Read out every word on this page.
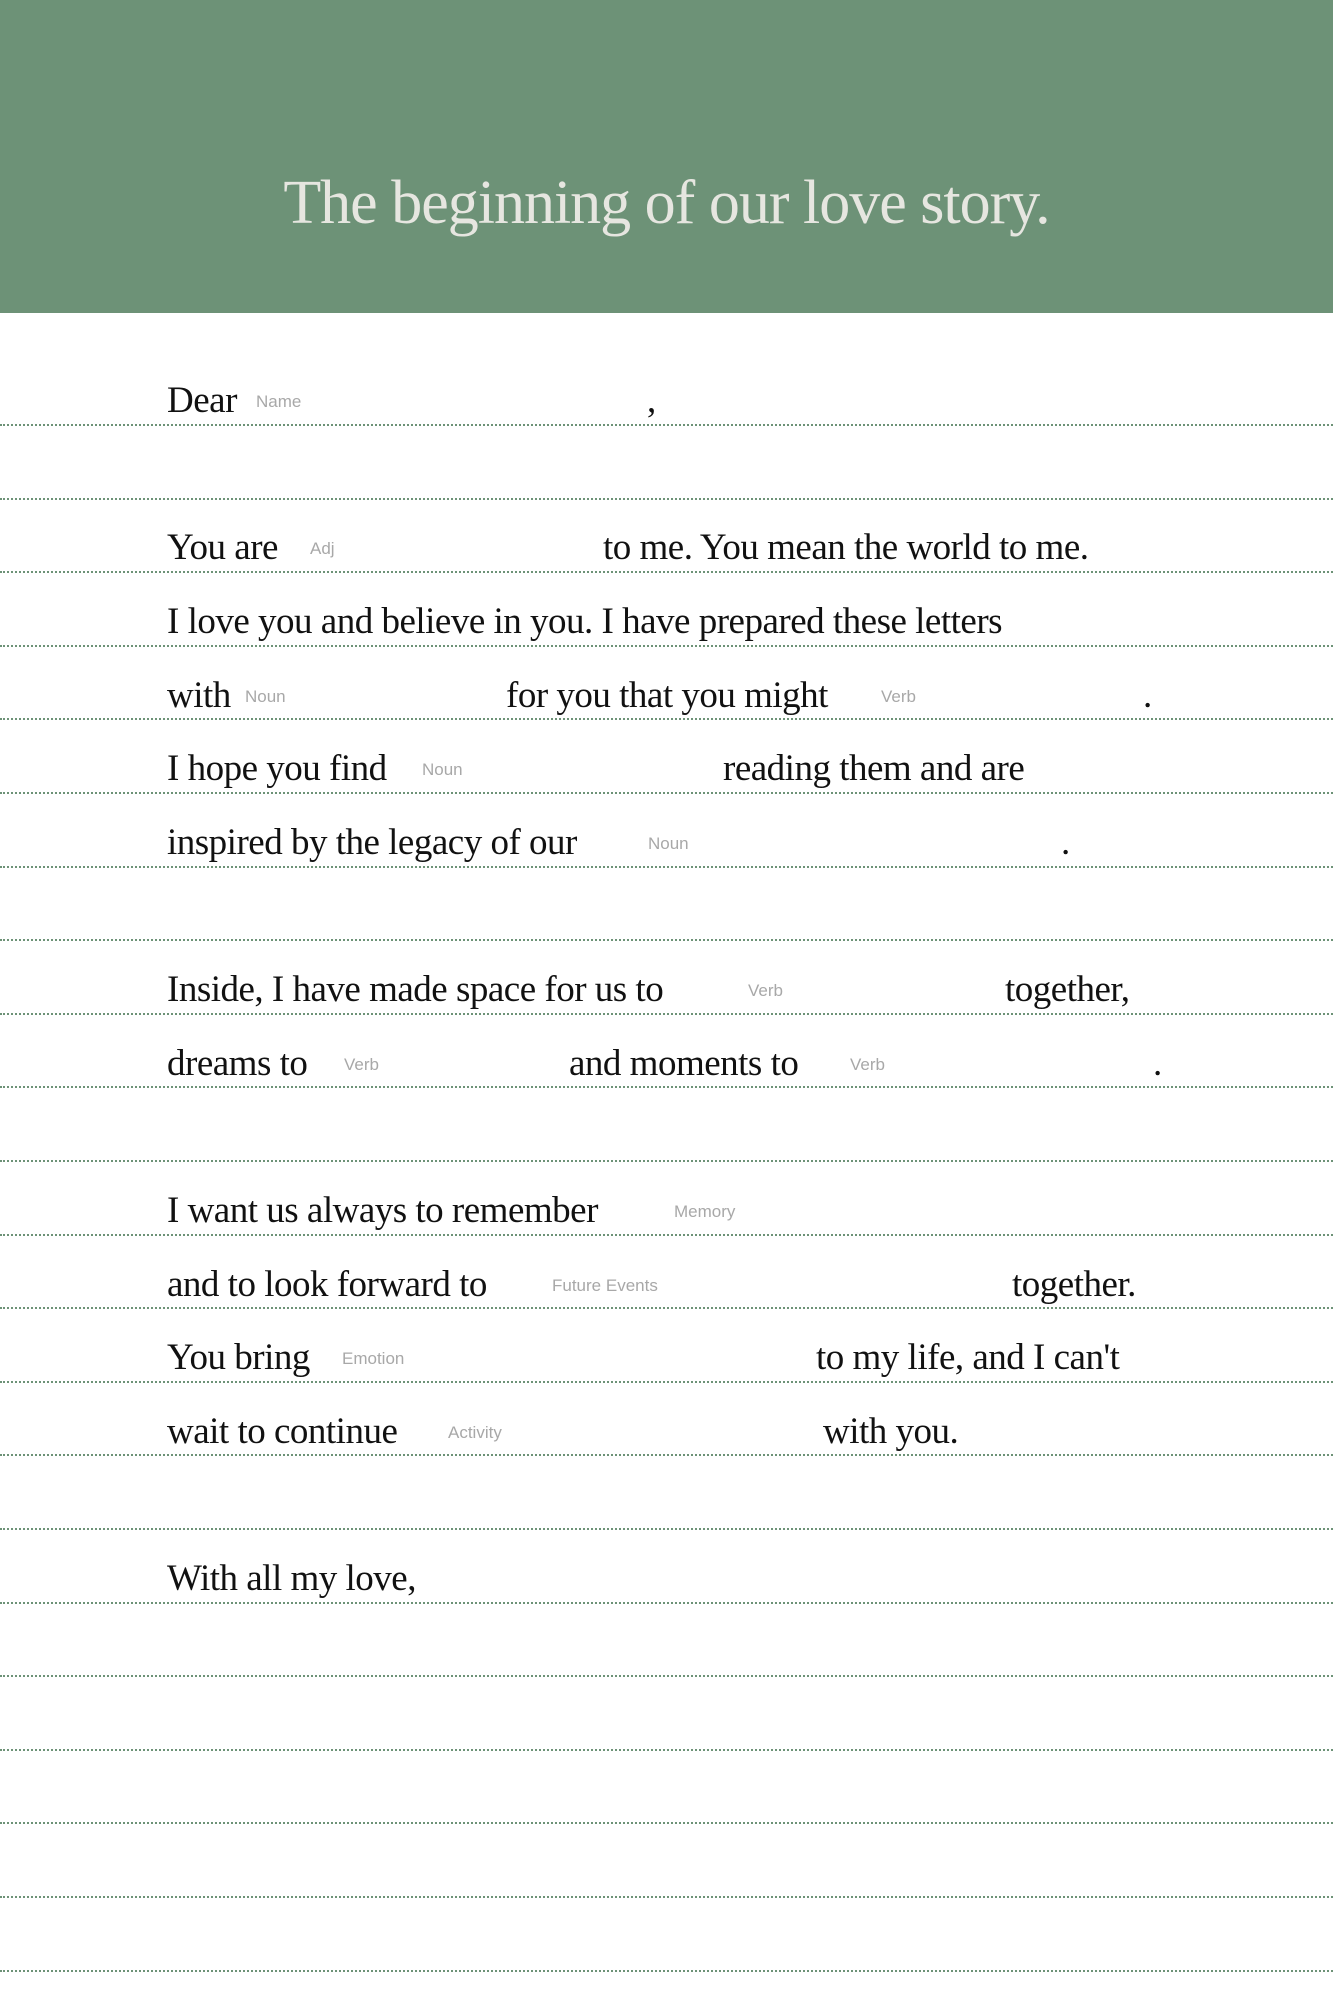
The beginning of our love story.
Dear Name	,
You are Adj	to me. You mean the world to me.
I love you and believe in you. I have prepared these letters
with Noun	for you that you might	Verb	.
I hope you find Noun	reading them and are
inspired by the legacy of our	Noun	.
Inside, I have made space for us to	Verb	together,
dreams to Verb	and moments to	Verb	.
I want us always to remember	Memory
and to look forward to	Future Events	together.
You bring Emotion	to my life, and I can't
wait to continue	Activity	with you.
With all my love,
